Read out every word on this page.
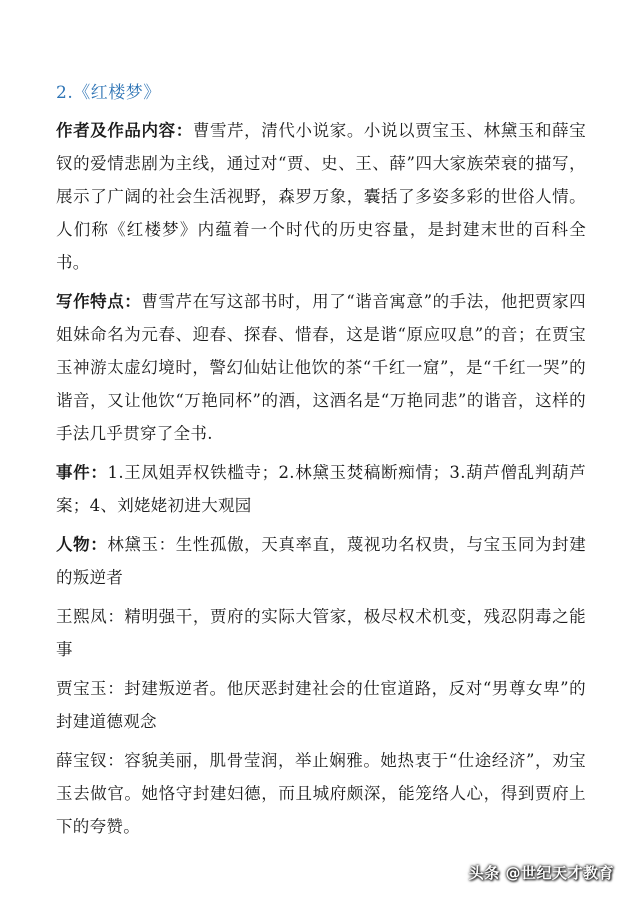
2.《红楼梦》

作者及作品内容：曹雪芹，清代小说家。小说以贾宝玉、林黛玉和薛宝钗的爱情悲剧为主线，通过对“贾、史、王、薛”四大家族荣衰的描写，展示了广阔的社会生活视野，森罗万象，囊括了多姿多彩的世俗人情。人们称《红楼梦》内蕴着一个时代的历史容量，是封建末世的百科全书。

写作特点：曹雪芹在写这部书时，用了“谐音寓意”的手法，他把贾家四姐妹命名为元春、迎春、探春、惜春，这是谐“原应叹息”的音；在贾宝玉神游太虚幻境时，警幻仙姑让他饮的茶“千红一窟”，是“千红一哭”的谐音，又让他饮“万艳同杯”的酒，这酒名是“万艳同悲”的谐音，这样的手法几乎贯穿了全书.

事件：1.王凤姐弄权铁槛寺；2.林黛玉焚稿断痴情；3.葫芦僧乱判葫芦案；4、刘姥姥初进大观园

人物：林黛玉：生性孤傲，天真率直，蔑视功名权贵，与宝玉同为封建的叛逆者

王熙凤：精明强干，贾府的实际大管家，极尽权术机变，残忍阴毒之能事

贾宝玉：封建叛逆者。他厌恶封建社会的仕宦道路，反对“男尊女卑”的封建道德观念

薛宝钗：容貌美丽，肌骨莹润，举止娴雅。她热衷于“仕途经济”，劝宝玉去做官。她恪守封建妇德，而且城府颇深，能笼络人心，得到贾府上下的夸赞。

头条 @世纪天才教育
